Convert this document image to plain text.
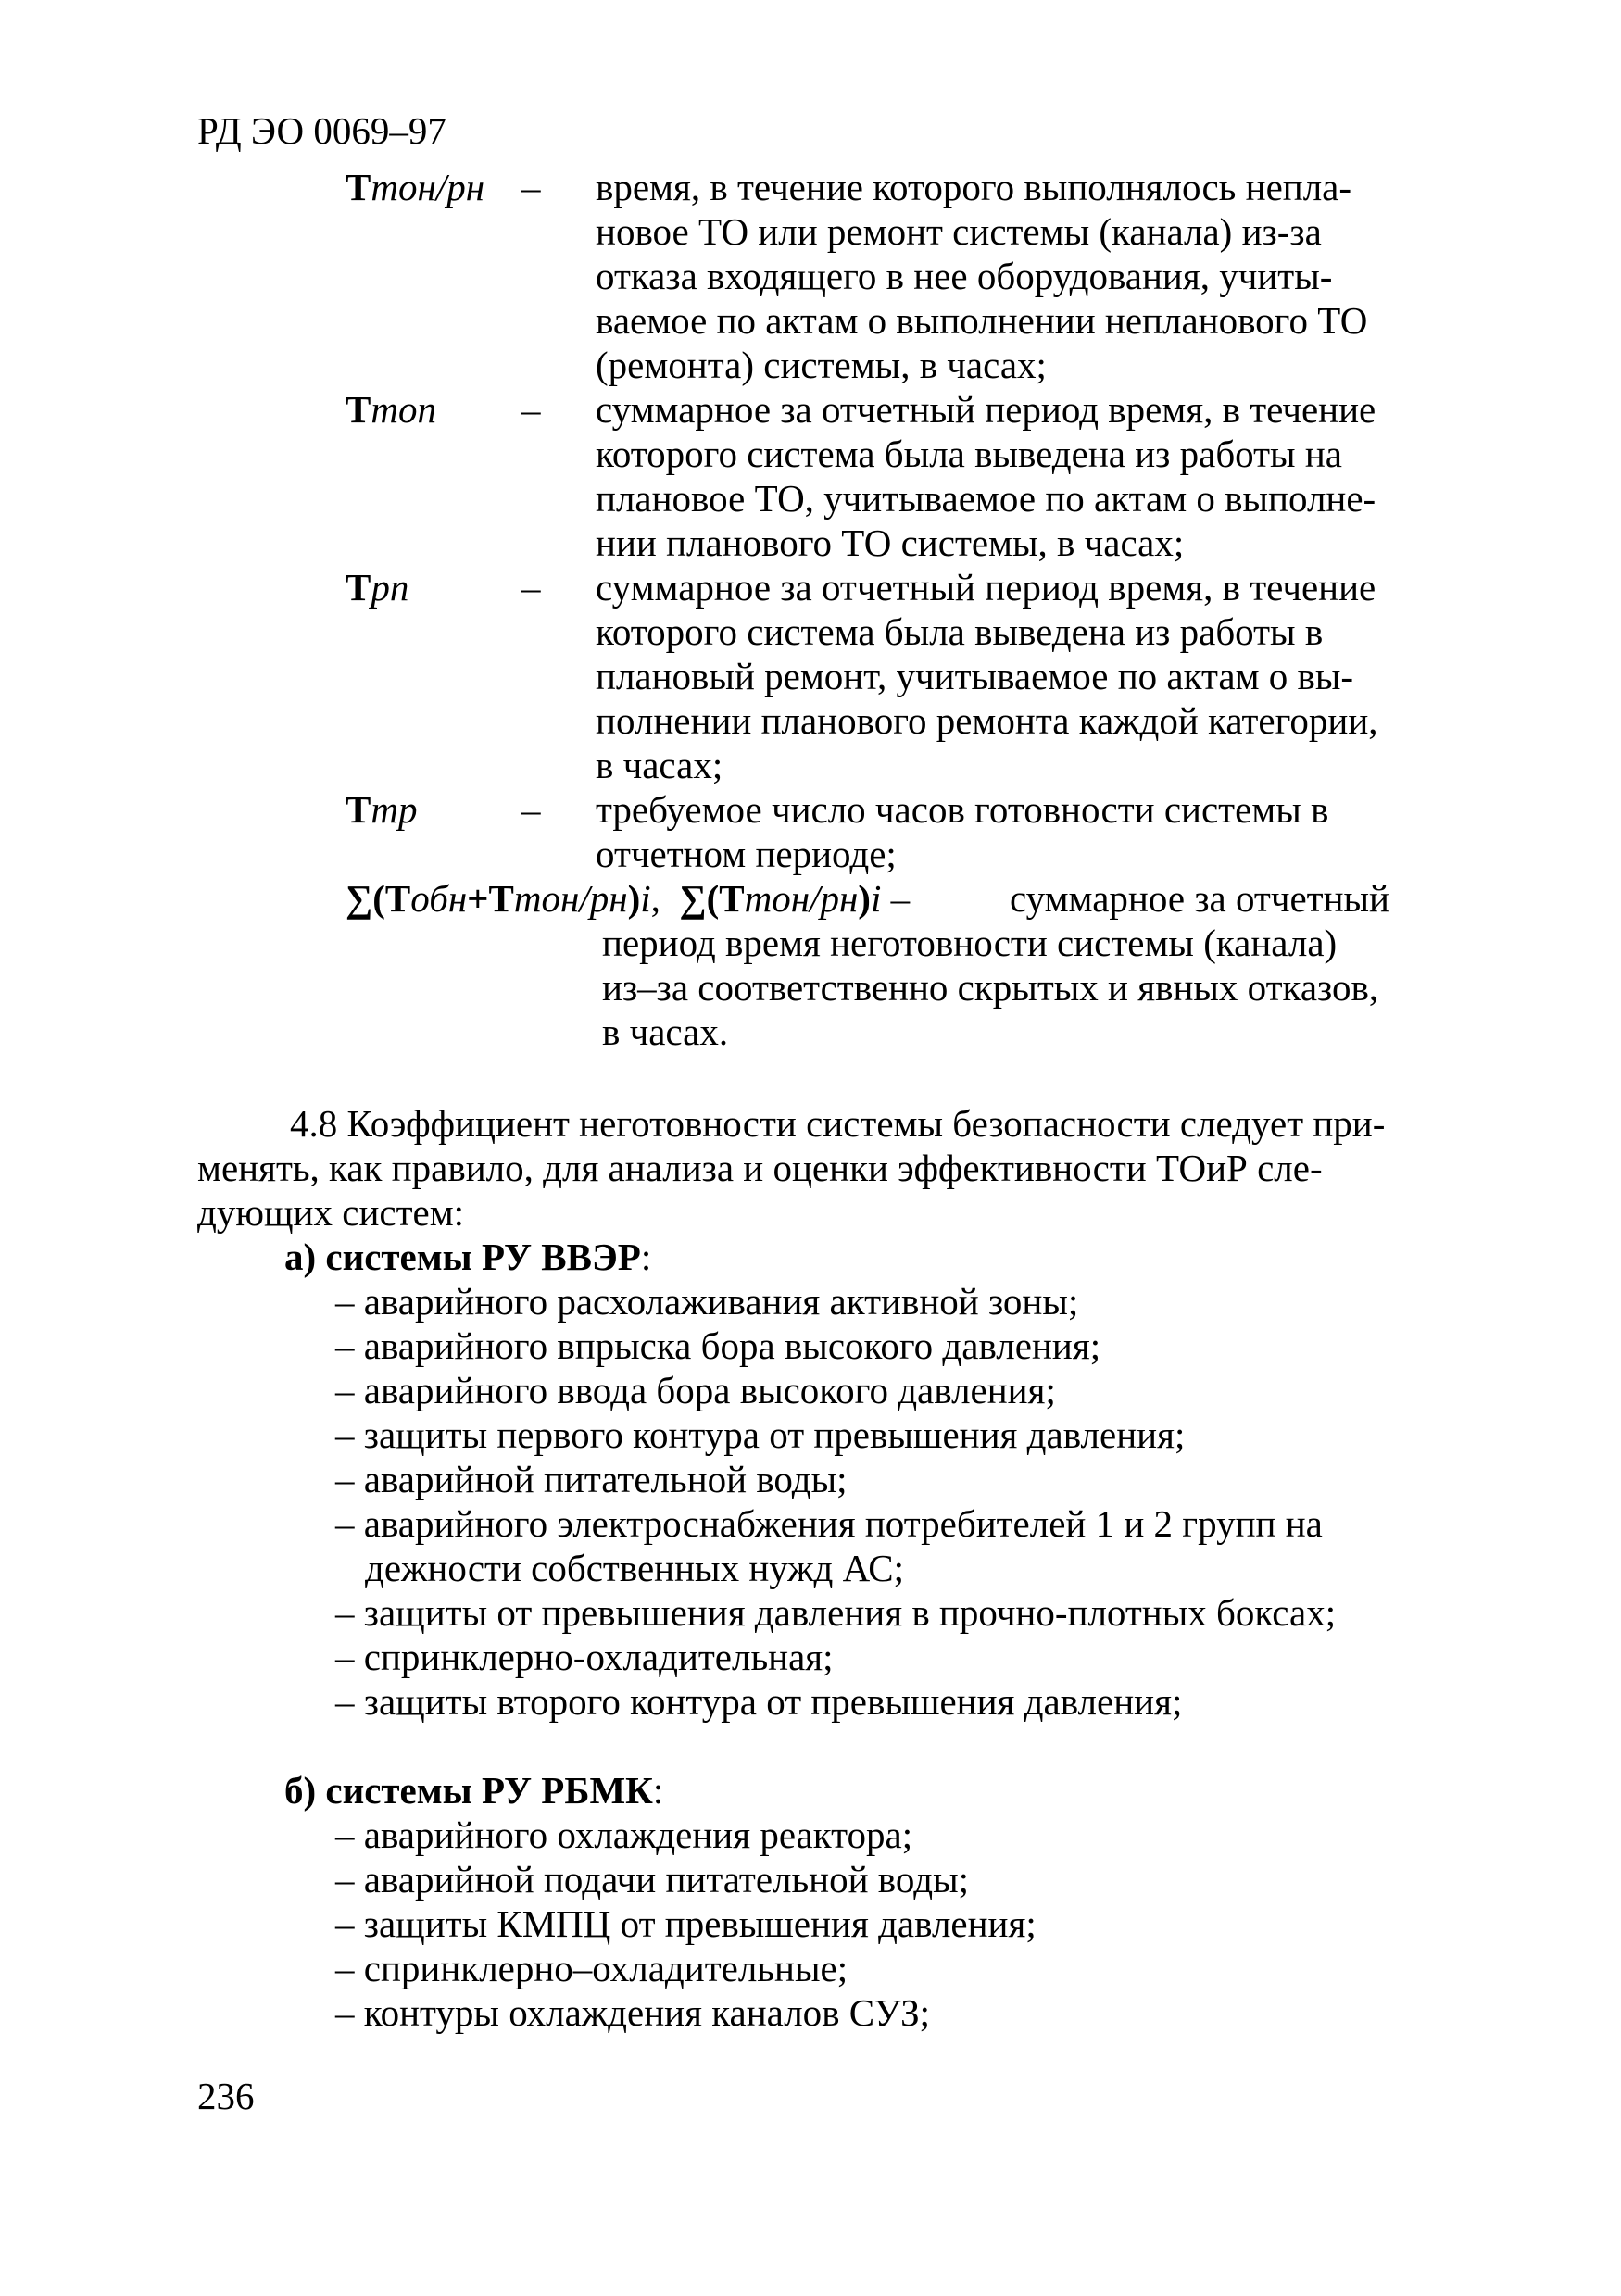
РД ЭО 0069–97
Ттон/рн –	время, в течение которого выполнялось непла-
новое ТО или ремонт системы (канала) из-за
отказа входящего в нее оборудования, учиты-
ваемое по актам о выполнении непланового ТО
(ремонта) системы, в часах;
Ттоп	–	суммарное за отчетный период время, в течение
которого система была выведена из работы на
плановое ТО, учитываемое по актам о выполне-
нии планового ТО системы, в часах;
Трп	–	суммарное за отчетный период время, в течение
которого система была выведена из работы в
плановый ремонт, учитываемое по актам о вы-
полнении планового ремонта каждой категории,
в часах;
Ттр	–	требуемое число часов готовности системы в
отчетном периоде;
∑(Тобн+Ттон/рн)i, ∑(Ттон/рн)i –	суммарное за отчетный
период время неготовности системы (канала)
из–за соответственно скрытых и явных отказов,
в часах.
4.8 Коэффициент неготовности системы безопасности следует при-
менять, как правило, для анализа и оценки эффективности ТОиР сле-
дующих систем:
а) системы РУ ВВЭР:
– аварийного расхолаживания активной зоны;
– аварийного впрыска бора высокого давления;
– аварийного ввода бора высокого давления;
– защиты первого контура от превышения давления;
– аварийной питательной воды;
– аварийного электроснабжения потребителей 1 и 2 групп на
дежности собственных нужд АС;
– защиты от превышения давления в прочно-плотных боксах;
– спринклерно-охладительная;
– защиты второго контура от превышения давления;
б) системы РУ РБМК:
– аварийного охлаждения реактора;
– аварийной подачи питательной воды;
– защиты КМПЦ от превышения давления;
– спринклерно–охладительные;
– контуры охлаждения каналов СУЗ;
236
